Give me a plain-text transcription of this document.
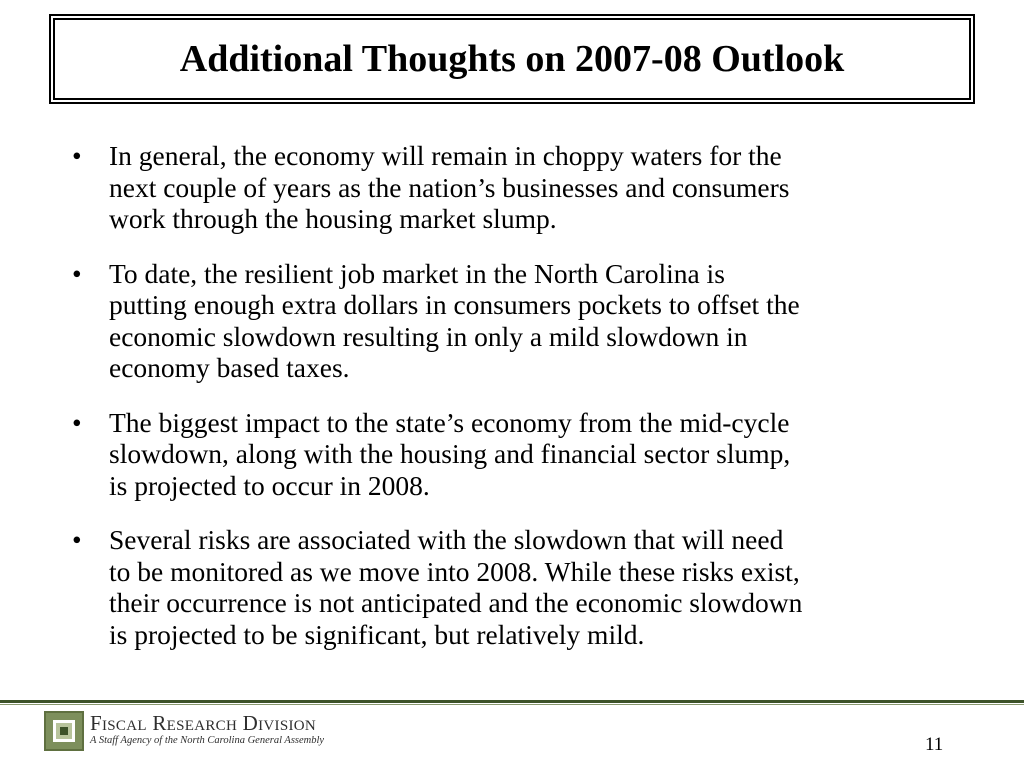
Additional Thoughts on 2007-08 Outlook
• In general, the economy will remain in choppy waters for the
next couple of years as the nation’s businesses and consumers
work through the housing market slump.
• To date, the resilient job market in the North Carolina is
putting enough extra dollars in consumers pockets to offset the
economic slowdown resulting in only a mild slowdown in
economy based taxes.
• The biggest impact to the state’s economy from the mid-cycle
slowdown, along with the housing and financial sector slump,
is projected to occur in 2008.
• Several risks are associated with the slowdown that will need
to be monitored as we move into 2008. While these risks exist,
their occurrence is not anticipated and the economic slowdown
is projected to be significant, but relatively mild.
Fiscal Research Division
A Staff Agency of the North Carolina General Assembly	11
